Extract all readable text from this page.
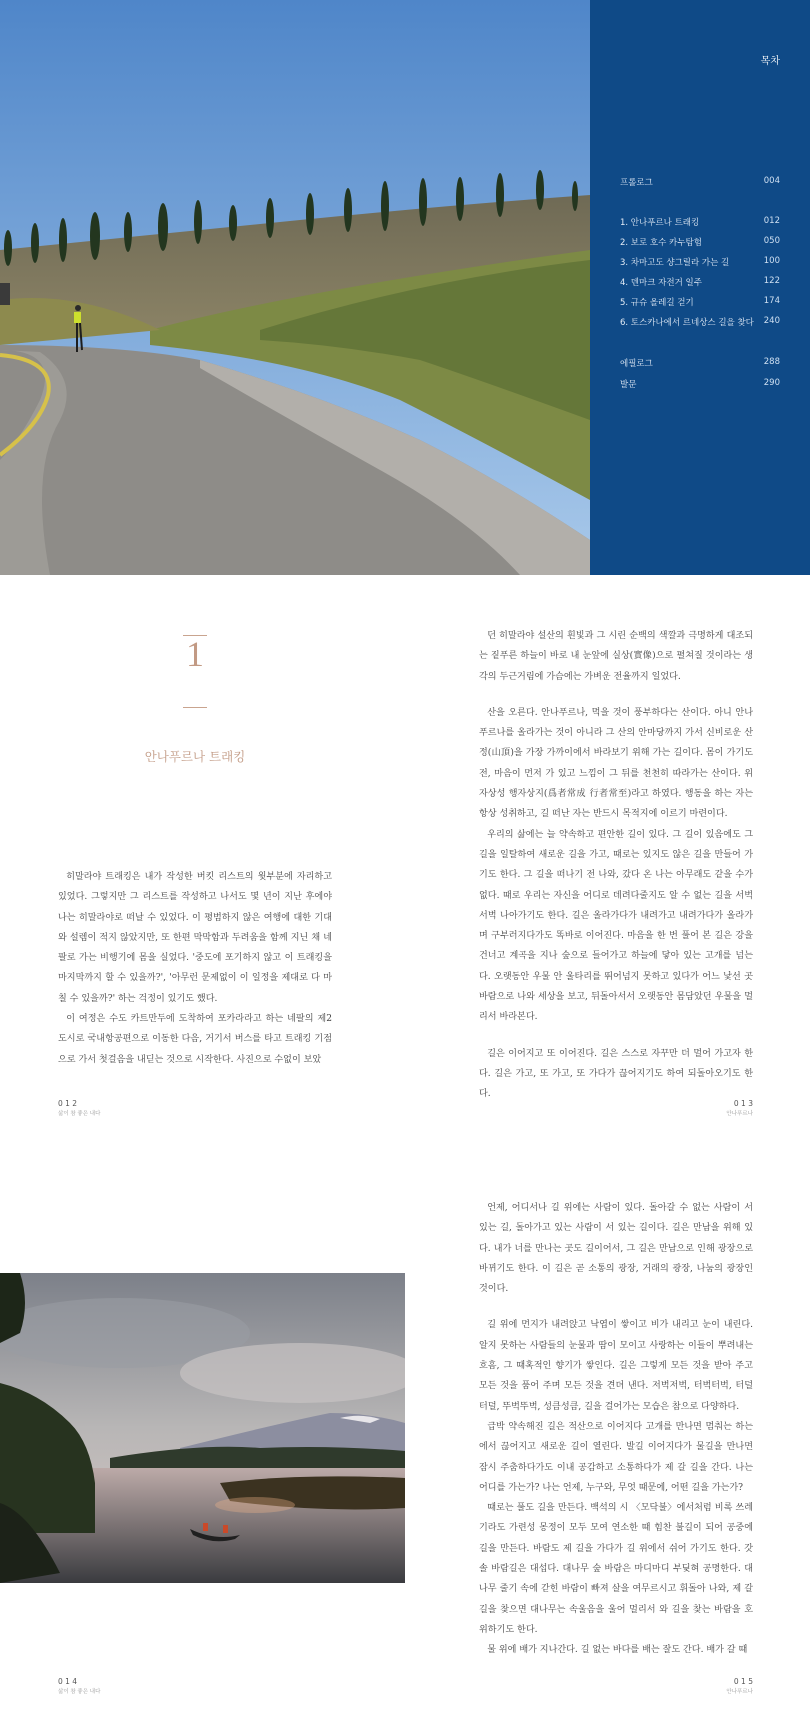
목차
프롤로그	004
1. 안나푸르나 트래킹	012
2. 보로 호수 카누탐험	050
3. 차마고도 샹그릴라 가는 길	100
4. 덴마크 자전거 일주	122
5. 규슈 올레길 걷기	174
6. 토스카나에서 르네상스 길을 찾다 240
에필로그	288
발문	290
1
안나푸르나 트래킹

히말라야 트래킹은 내가 작성한 버킷 리스트의 윗부분에 자리하고 있었다. 그렇지만 그 리스트를 작성하고 나서도 몇 년이 지난 후에야 나는 히말라야로 떠날 수 있었다. 이 평범하지 않은 여행에 대한 기대와 설렘이 적지 않았지만, 또 한편 막막함과 두려움을 함께 지닌 채 네팔로 가는 비행기에 몸을 실었다. '중도에 포기하지 않고 이 트래킹을 마지막까지 할 수 있을까?', '아무런 문제없이 이 일정을 제대로 다 마칠 수 있을까?' 하는 걱정이 있기도 했다.

이 여정은 수도 카트만두에 도착하여 포카라라고 하는 네팔의 제2도시로 국내항공편으로 이동한 다음, 거기서 버스를 타고 트래킹 기점으로 가서 첫걸음을 내딛는 것으로 시작한다. 사진으로 수없이 보았

0 1 2
삶이 참 좋은 내다

던 히말라야 설산의 흰빛과 그 시린 순백의 색깔과 극명하게 대조되는 짙푸른 하늘이 바로 내 눈앞에 실상(實像)으로 펼쳐질 것이라는 생각의 두근거림에 가슴에는 가벼운 전율까지 일었다.

산을 오른다. 안나푸르나, 먹을 것이 풍부하다는 산이다. 아니 안나푸르나를 올라가는 것이 아니라 그 산의 안마당까지 가서 신비로운 산정(山頂)을 가장 가까이에서 바라보기 위해 가는 길이다. 몸이 가기도 전, 마음이 먼저 가 있고 느낌이 그 뒤를 천천히 따라가는 산이다. 위자상성 행자상지(爲者常成 行者常至)라고 하였다. 행동을 하는 자는 항상 성취하고, 길 떠난 자는 반드시 목적지에 이르기 마련이다.

우리의 삶에는 늘 약속하고 편안한 길이 있다. 그 길이 있음에도 그 길을 일탈하여 새로운 길을 가고, 때로는 있지도 않은 길을 만들어 가기도 한다. 그 길을 떠나기 전 나와, 갔다 온 나는 아무래도 같을 수가 없다. 때로 우리는 자신을 어디로 데려다줄지도 알 수 없는 길을 서벅서벅 나아가기도 한다. 길은 올라가다가 내려가고 내려가다가 올라가며 구부러지다가도 똑바로 이어진다. 마음을 한 번 풀어 본 길은 강을 건너고 계곡을 지나 숲으로 들어가고 하늘에 닿아 있는 고개를 넘는다. 오랫동안 우물 안 울타리를 뛰어넘지 못하고 있다가 어느 낯선 곳 바람으로 나와 세상을 보고, 뒤돌아서서 오랫동안 몸담았던 우물을 멀리서 바라본다.

길은 이어지고 또 이어진다. 길은 스스로 자꾸만 더 멀어 가고자 한다. 길은 가고, 또 가고, 또 가다가 끊어지기도 하여 되돌아오기도 한다.

0 1 3
안나푸르나
0 1 4
삶이 참 좋은 내다

언제, 어디서나 길 위에는 사람이 있다. 돌아갈 수 없는 사람이 서 있는 길, 돌아가고 있는 사람이 서 있는 길이다. 길은 만남을 위해 있다. 내가 너를 만나는 곳도 길이어서, 그 길은 만남으로 인해 광장으로 바뀌기도 한다. 이 길은 곧 소통의 광장, 거래의 광장, 나눔의 광장인 것이다.

길 위에 먼지가 내려앉고 낙엽이 쌓이고 비가 내리고 눈이 내린다. 알지 못하는 사람들의 눈물과 땀이 모이고 사랑하는 이들이 뿌려내는 흐흠, 그 때혹적인 향기가 쌓인다. 길은 그렇게 모든 것을 받아 주고 모든 것을 품어 주며 모든 것을 견뎌 낸다. 저벅저벅, 터벅터벅, 터덜터덜, 뚜벅뚜벅, 성큼성큼, 길을 걸어가는 모습은 참으로 다양하다.

급박 약속해진 길은 적산으로 이어지다 고개를 만나면 멈춰는 하는 에서 끊어지고 새로운 길이 열린다. 발길 이어지다가 물길을 만나면 잠시 주춤하다가도 이내 공감하고 소통하다가 제 갈 길을 간다. 나는 어디를 가는가? 나는 언제, 누구와, 무엇 때문에, 어떤 길을 가는가?

때로는 풀도 길을 만든다. 백석의 시 〈모닥불〉에서처럼 비록 쓰레기라도 가련성 몽정이 모두 모여 연소한 때 힘찬 불길이 되어 공중에 길을 만든다. 바람도 제 길을 가다가 길 위에서 쉬어 가기도 한다. 갓 솔 바람길은 대섭다. 대나무 숲 바람은 마디마디 부딪혀 공명한다. 대나무 줄기 속에 갇힌 바람이 빠져 살을 여무르시고 휘돌아 나와, 제 갈 길을 찾으면 대나무는 속울음을 울어 멀리서 와 길을 찾는 바람을 호위하기도 한다.

물 위에 배가 지나간다. 길 없는 바다를 배는 잘도 간다. 배가 갈 때

0 1 5
안나푸르나
